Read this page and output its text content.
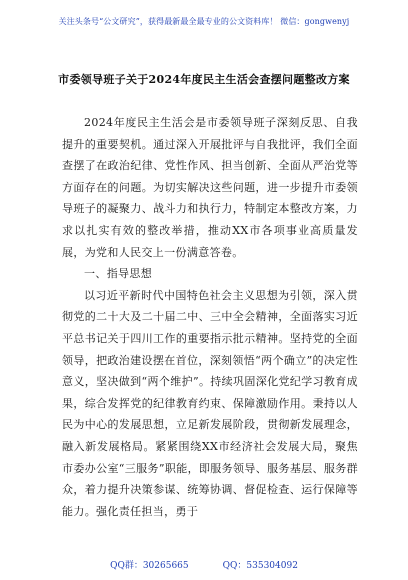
关注头条号“公文研究”，获得最新最全最专业的公文资料库！ 微信：gongwenyj
市委领导班子关于2024年度民主生活会查摆问题整改方案

2024年度民主生活会是市委领导班子深刻反思、自我提升的重要契机。通过深入开展批评与自我批评，我们全面查摆了在政治纪律、党性作风、担当创新、全面从严治党等方面存在的问题。为切实解决这些问题，进一步提升市委领导班子的凝聚力、战斗力和执行力，特制定本整改方案，力求以扎实有效的整改举措，推动XX市各项事业高质量发展，为党和人民交上一份满意答卷。

一、指导思想

以习近平新时代中国特色社会主义思想为引领，深入贯彻党的二十大及二十届二中、三中全会精神，全面落实习近平总书记关于四川工作的重要指示批示精神。坚持党的全面领导，把政治建设摆在首位，深刻领悟“两个确立”的决定性意义，坚决做到“两个维护”。持续巩固深化党纪学习教育成果，综合发挥党的纪律教育约束、保障激励作用。秉持以人民为中心的发展思想，立足新发展阶段，贯彻新发展理念，融入新发展格局。紧紧围绕XX市经济社会发展大局，聚焦市委办公室“三服务”职能，即服务领导、服务基层、服务群众，着力提升决策参谋、统筹协调、督促检查、运行保障等能力。强化责任担当，勇于

QQ群：30265665	QQ：535304092
